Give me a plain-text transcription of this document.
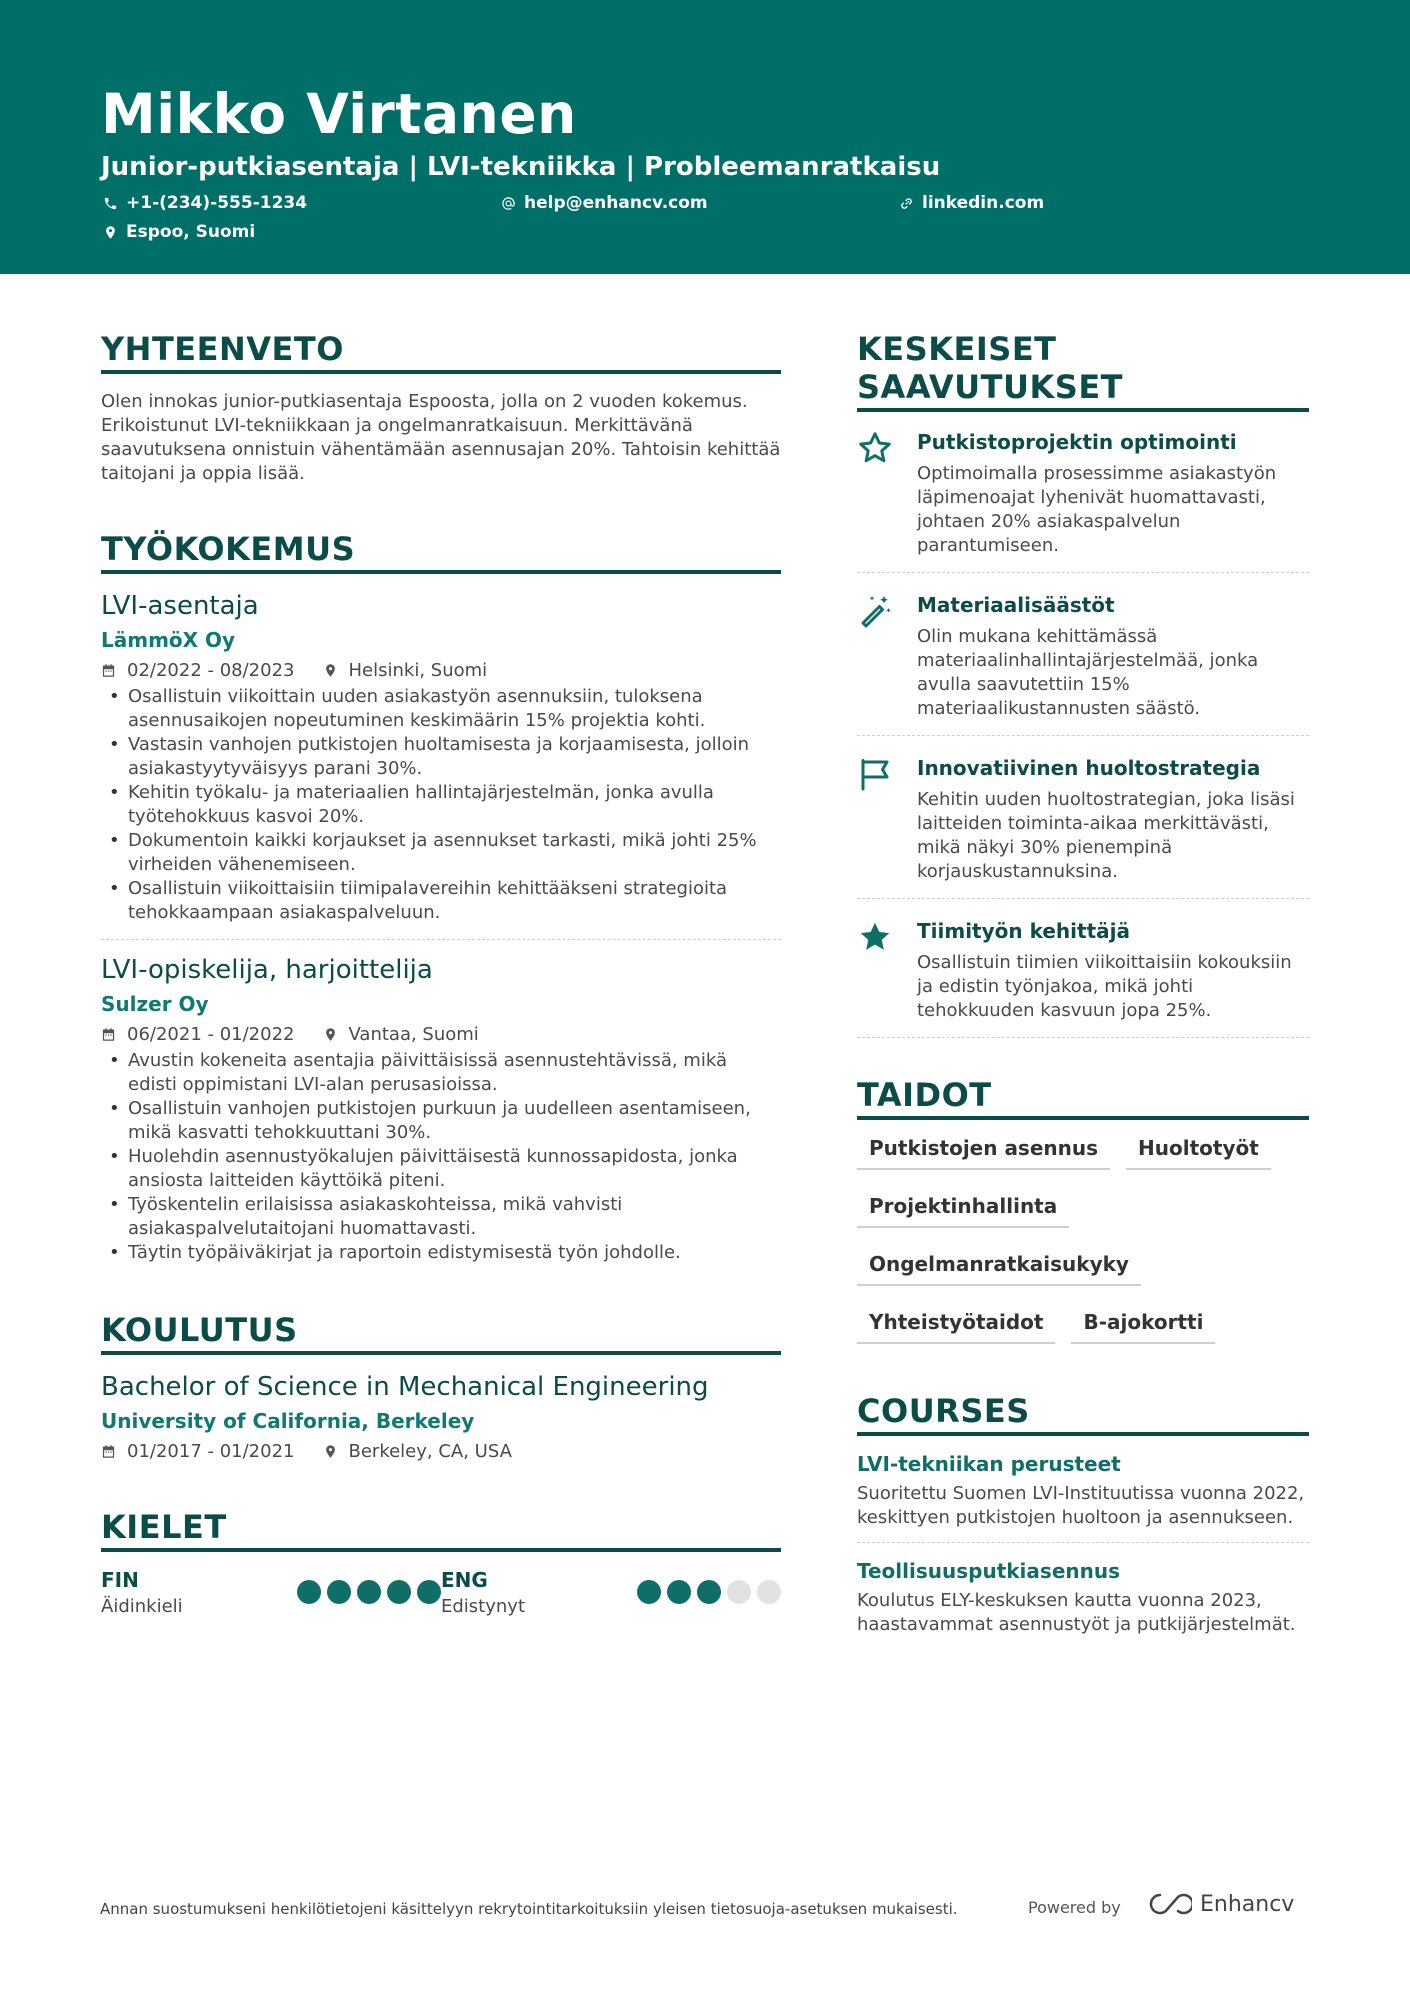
Mikko Virtanen
Junior-putkiasentaja | LVI-tekniikka | Probleemanratkaisu
+1-(234)-555-1234	help@enhancv.com	linkedin.com
Espoo, Suomi
YHTEENVETO
Olen innokas junior-putkiasentaja Espoosta, jolla on 2 vuoden kokemus. Erikoistunut LVI-tekniikkaan ja ongelmanratkaisuun. Merkittävänä saavutuksena onnistuin vähentämään asennusajan 20%. Tahtoisin kehittää taitojani ja oppia lisää.
TYÖKOKEMUS
LVI-asentaja
LämmöX Oy
02/2022 - 08/2023	Helsinki, Suomi
• Osallistuin viikoittain uuden asiakastyön asennuksiin, tuloksena asennusaikojen nopeutuminen keskimäärin 15% projektia kohti.
• Vastasin vanhojen putkistojen huoltamisesta ja korjaamisesta, jolloin asiakastyytyväisyys parani 30%.
• Kehitin työkalu- ja materiaalien hallintajärjestelmän, jonka avulla työtehokkuus kasvoi 20%.
• Dokumentoin kaikki korjaukset ja asennukset tarkasti, mikä johti 25% virheiden vähenemiseen.
• Osallistuin viikoittaisiin tiimipalavereihin kehittääkseni strategioita tehokkaampaan asiakaspalveluun.
LVI-opiskelija, harjoittelija
Sulzer Oy
06/2021 - 01/2022	Vantaa, Suomi
• Avustin kokeneita asentajia päivittäisissä asennustehtävissä, mikä edisti oppimistani LVI-alan perusasioissa.
• Osallistuin vanhojen putkistojen purkuun ja uudelleen asentamiseen, mikä kasvatti tehokkuuttani 30%.
• Huolehdin asennustyökalujen päivittäisestä kunnossapidosta, jonka ansiosta laitteiden käyttöikä piteni.
• Työskentelin erilaisissa asiakaskohteissa, mikä vahvisti asiakaspalvelutaitojani huomattavasti.
• Täytin työpäiväkirjat ja raportoin edistymisestä työn johdolle.
KOULUTUS
Bachelor of Science in Mechanical Engineering
University of California, Berkeley
01/2017 - 01/2021	Berkeley, CA, USA
KIELET
FIN
Äidinkieli
ENG
Edistynyt
KESKEISET SAAVUTUKSET
Putkistoprojektin optimointi
Optimoimalla prosessimme asiakastyön läpimenoajat lyhenivät huomattavasti, johtaen 20% asiakaspalvelun parantumiseen.
Materiaalisäästöt
Olin mukana kehittämässä materiaalinhallintajärjestelmää, jonka avulla saavutettiin 15% materiaalikustannusten säästö.
Innovatiivinen huoltostrategia
Kehitin uuden huoltostrategian, joka lisäsi laitteiden toiminta-aikaa merkittävästi, mikä näkyi 30% pienempinä korjauskustannuksina.
Tiimityön kehittäjä
Osallistuin tiimien viikoittaisiin kokouksiin ja edistin työnjakoa, mikä johti tehokkuuden kasvuun jopa 25%.
TAIDOT
Putkistojen asennus	Huoltotyöt
Projektinhallinta
Ongelmanratkaisukyky
Yhteistyötaidot	B-ajokortti
COURSES
LVI-tekniikan perusteet
Suoritettu Suomen LVI-Instituutissa vuonna 2022, keskittyen putkistojen huoltoon ja asennukseen.
Teollisuusputkiasennus
Koulutus ELY-keskuksen kautta vuonna 2023, haastavammat asennustyöt ja putkijärjestelmät.
Annan suostumukseni henkilötietojeni käsittelyyn rekrytointitarkoituksiin yleisen tietosuoja-asetuksen mukaisesti.	Powered by	Enhancv
